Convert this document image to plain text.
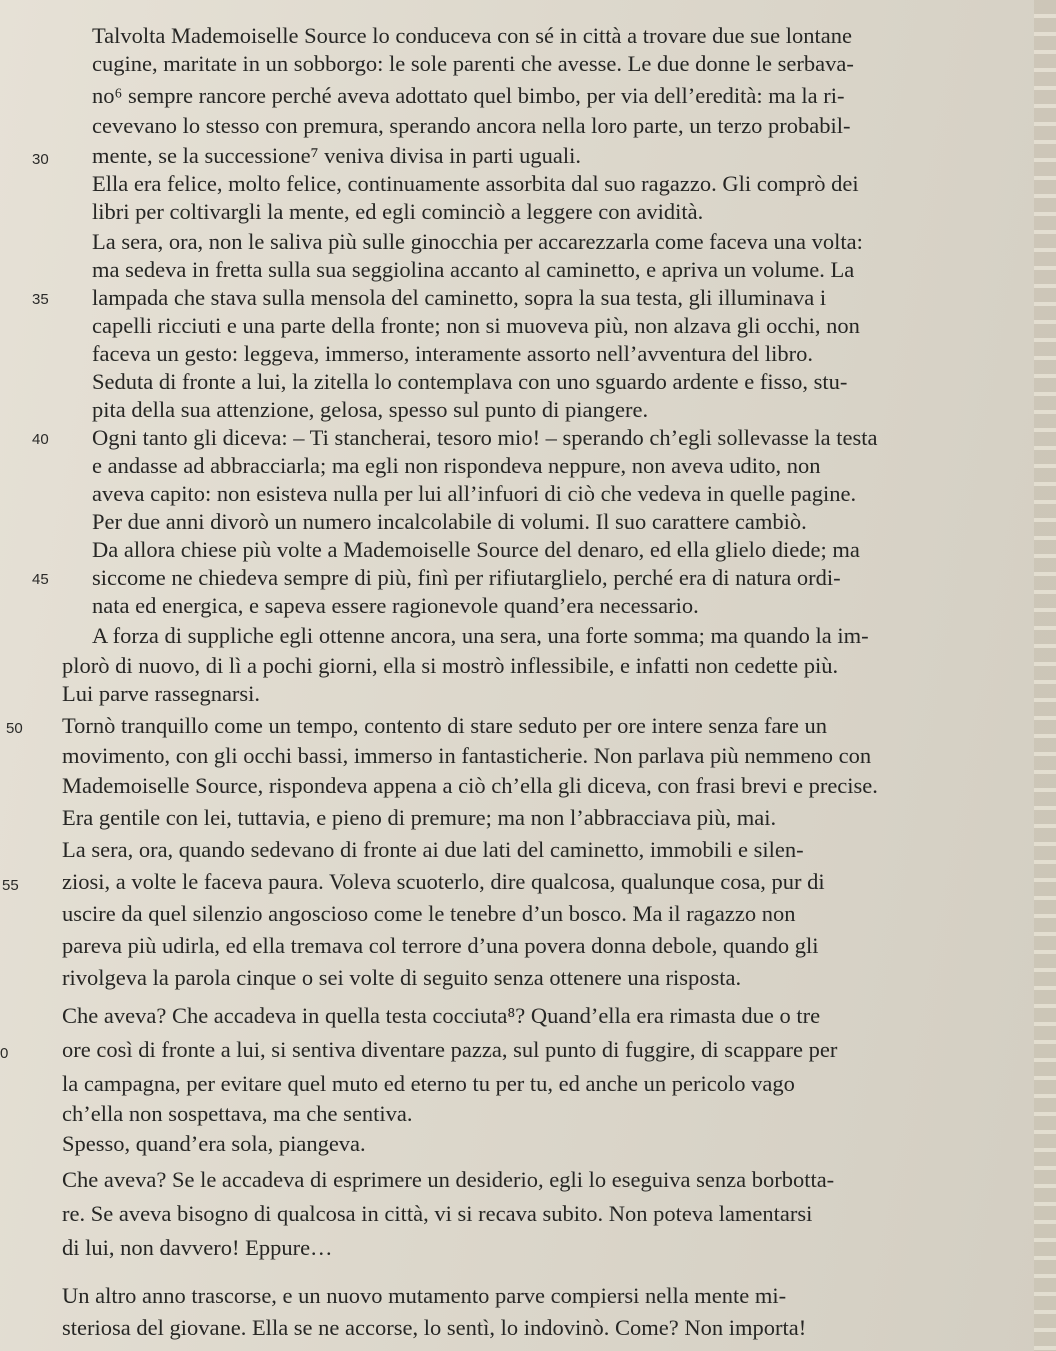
30
35
40
45
50
55
0
Talvolta Mademoiselle Source lo conduceva con sé in città a trovare due sue lontane
cugine, maritate in un sobborgo: le sole parenti che avesse. Le due donne le serbava-
no⁶ sempre rancore perché aveva adottato quel bimbo, per via dell’eredità: ma la ri-
cevevano lo stesso con premura, sperando ancora nella loro parte, un terzo probabil-
mente, se la successione⁷ veniva divisa in parti uguali.
Ella era felice, molto felice, continuamente assorbita dal suo ragazzo. Gli comprò dei
libri per coltivargli la mente, ed egli cominciò a leggere con avidità.
La sera, ora, non le saliva più sulle ginocchia per accarezzarla come faceva una volta:
ma sedeva in fretta sulla sua seggiolina accanto al caminetto, e apriva un volume. La
lampada che stava sulla mensola del caminetto, sopra la sua testa, gli illuminava i
capelli ricciuti e una parte della fronte; non si muoveva più, non alzava gli occhi, non
faceva un gesto: leggeva, immerso, interamente assorto nell’avventura del libro.
Seduta di fronte a lui, la zitella lo contemplava con uno sguardo ardente e fisso, stu-
pita della sua attenzione, gelosa, spesso sul punto di piangere.
Ogni tanto gli diceva: – Ti stancherai, tesoro mio! – sperando ch’egli sollevasse la testa
e andasse ad abbracciarla; ma egli non rispondeva neppure, non aveva udito, non
aveva capito: non esisteva nulla per lui all’infuori di ciò che vedeva in quelle pagine.
Per due anni divorò un numero incalcolabile di volumi. Il suo carattere cambiò.
Da allora chiese più volte a Mademoiselle Source del denaro, ed ella glielo diede; ma
siccome ne chiedeva sempre di più, finì per rifiutarglielo, perché era di natura ordi-
nata ed energica, e sapeva essere ragionevole quand’era necessario.
A forza di suppliche egli ottenne ancora, una sera, una forte somma; ma quando la im-
plorò di nuovo, di lì a pochi giorni, ella si mostrò inflessibile, e infatti non cedette più.
Lui parve rassegnarsi.
Tornò tranquillo come un tempo, contento di stare seduto per ore intere senza fare un
movimento, con gli occhi bassi, immerso in fantasticherie. Non parlava più nemmeno con
Mademoiselle Source, rispondeva appena a ciò ch’ella gli diceva, con frasi brevi e precise.
Era gentile con lei, tuttavia, e pieno di premure; ma non l’abbracciava più, mai.
La sera, ora, quando sedevano di fronte ai due lati del caminetto, immobili e silen-
ziosi, a volte le faceva paura. Voleva scuoterlo, dire qualcosa, qualunque cosa, pur di
uscire da quel silenzio angoscioso come le tenebre d’un bosco. Ma il ragazzo non
pareva più udirla, ed ella tremava col terrore d’una povera donna debole, quando gli
rivolgeva la parola cinque o sei volte di seguito senza ottenere una risposta.
Che aveva? Che accadeva in quella testa cocciuta⁸? Quand’ella era rimasta due o tre
ore così di fronte a lui, si sentiva diventare pazza, sul punto di fuggire, di scappare per
la campagna, per evitare quel muto ed eterno tu per tu, ed anche un pericolo vago
ch’ella non sospettava, ma che sentiva.
Spesso, quand’era sola, piangeva.
Che aveva? Se le accadeva di esprimere un desiderio, egli lo eseguiva senza borbotta-
re. Se aveva bisogno di qualcosa in città, vi si recava subito. Non poteva lamentarsi
di lui, non davvero! Eppure…
Un altro anno trascorse, e un nuovo mutamento parve compiersi nella mente mi-
steriosa del giovane. Ella se ne accorse, lo sentì, lo indovinò. Come? Non importa!
